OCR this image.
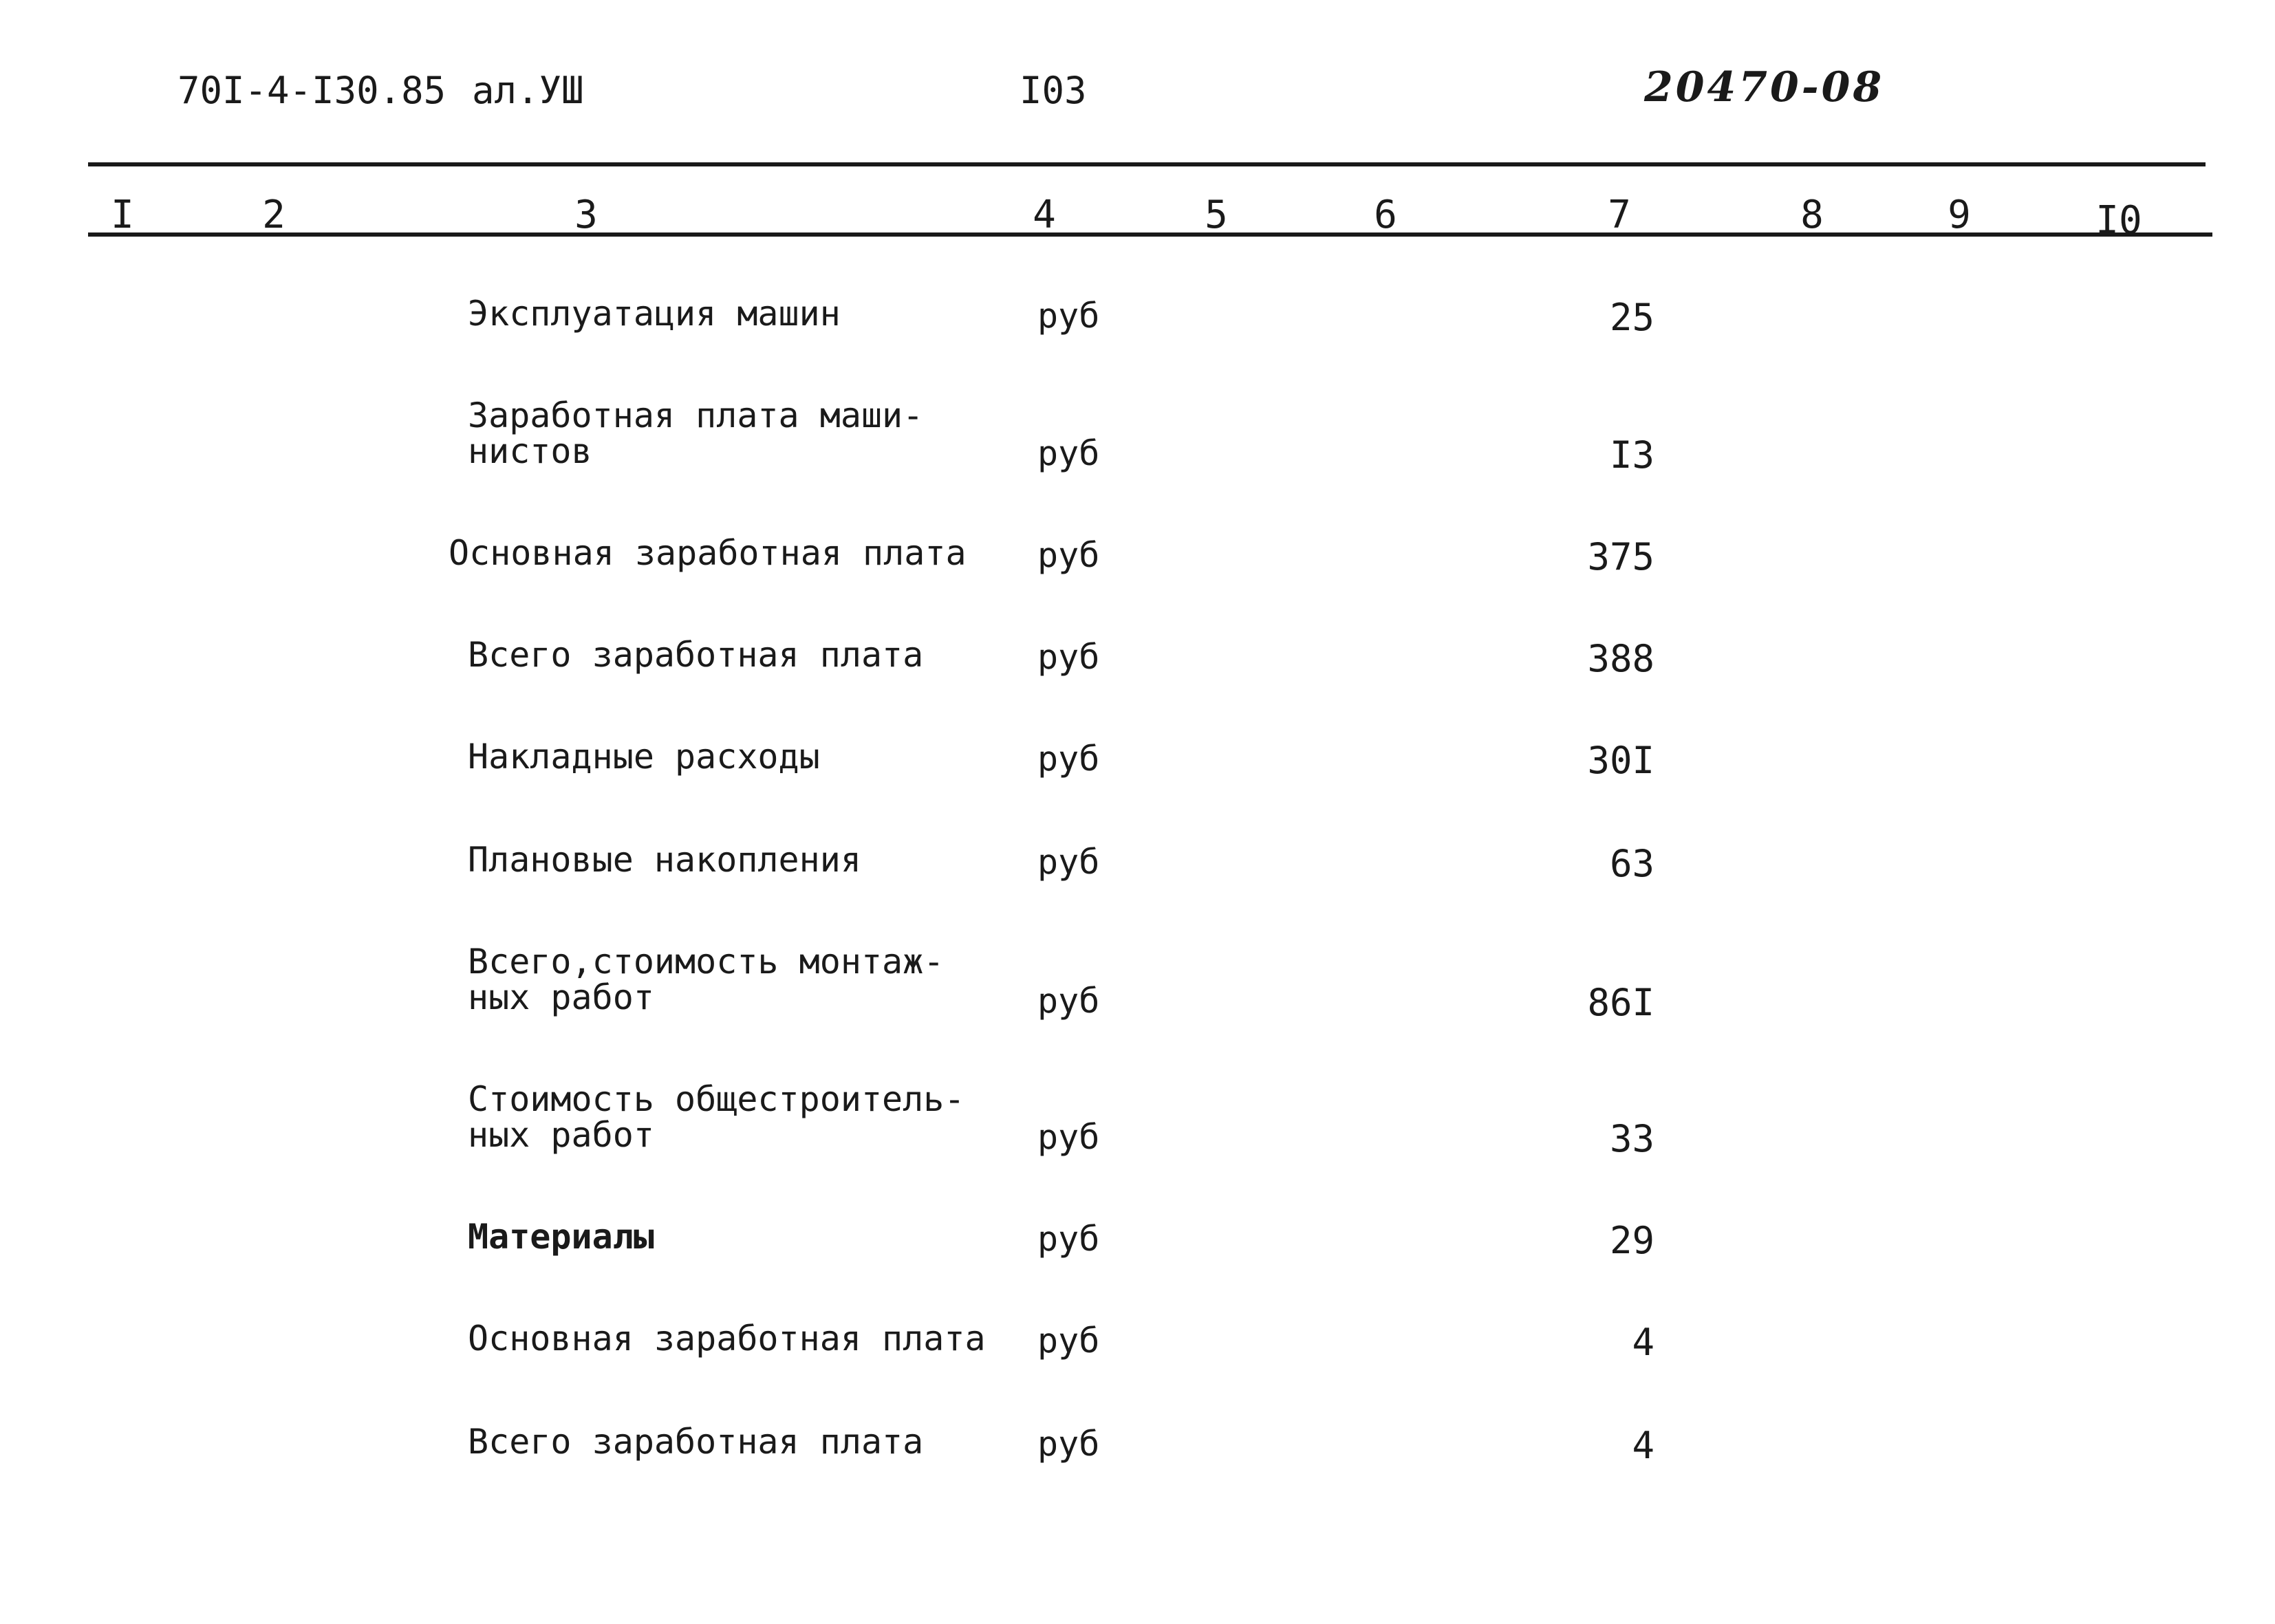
70I-4-I30.85 ал.УШ	I03	20470-08
I	2	3	4	5	6	7	8	9	I0
Эксплуатация машин	руб	25
Заработная плата маши-
нистов	руб	I3
Основная заработная плата руб	375
Всего заработная плата	руб	388
Накладные расходы	руб	30I
Плановые накопления	руб	63
Всего,стоимость монтаж-
ных работ	руб	86I
Стоимость общестроитель-
ных работ	руб	33
Материалы	руб	29
Основная заработная плата руб	4
Всего заработная плата	руб	4
